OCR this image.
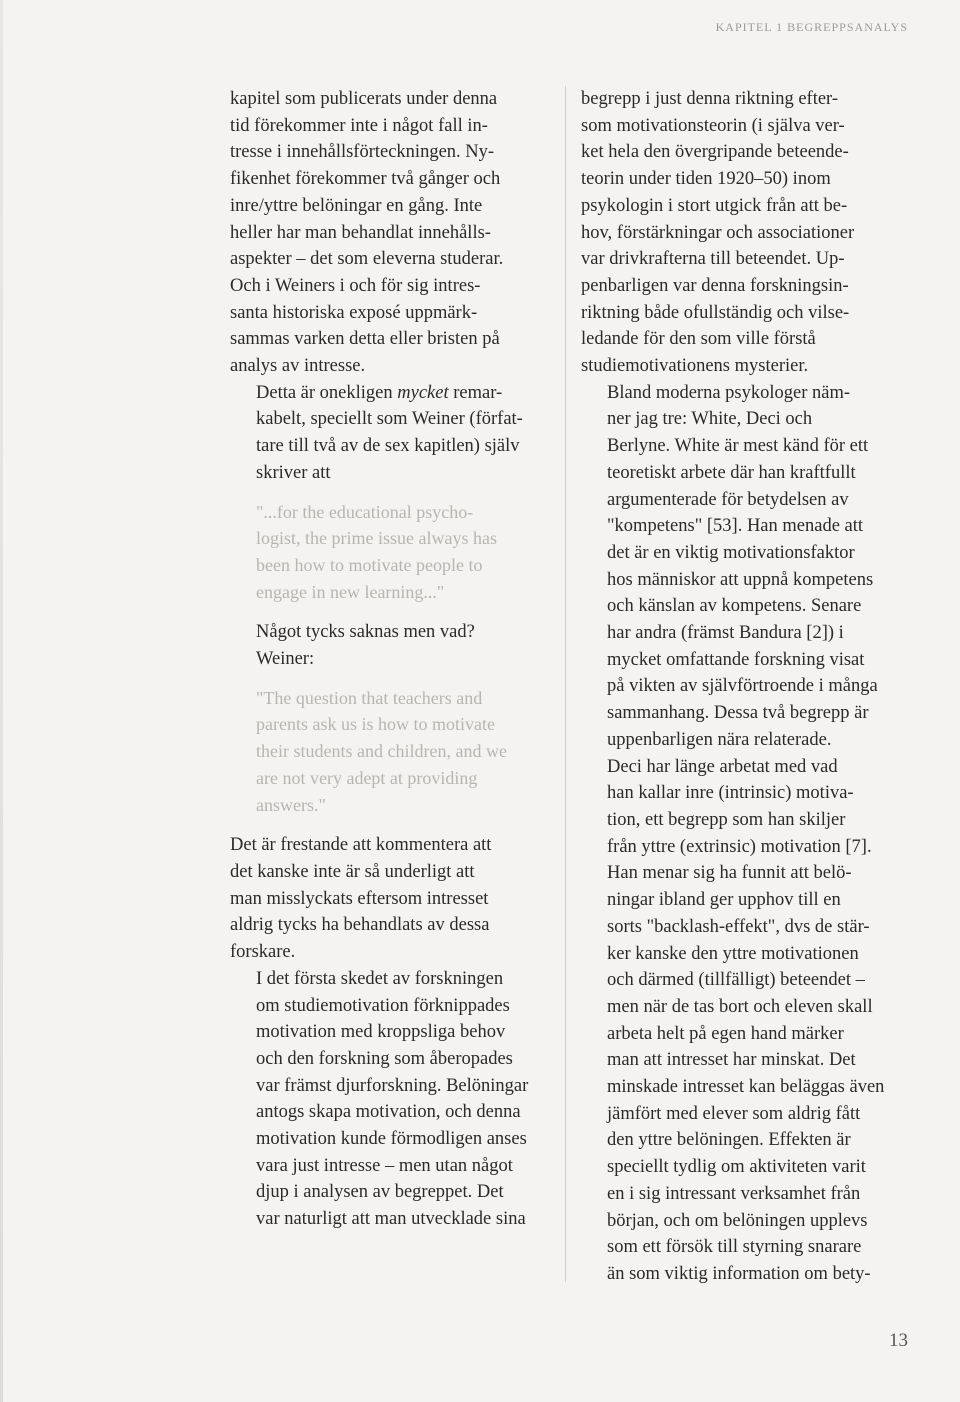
KAPITEL 1 BEGREPPSANALYS

kapitel som publicerats under denna
tid förekommer inte i något fall in-
tresse i innehållsförteckningen. Ny-
fikenhet förekommer två gånger och
inre/yttre belöningar en gång. Inte
heller har man behandlat innehålls-
aspekter – det som eleverna studerar.
Och i Weiners i och för sig intres-
santa historiska exposé uppmärk-
sammas varken detta eller bristen på
analys av intresse.

Detta är onekligen mycket remar-
kabelt, speciellt som Weiner (förfat-
tare till två av de sex kapitlen) själv
skriver att

"...for the educational psycho-
logist, the prime issue always has
been how to motivate people to
engage in new learning..."

Något tycks saknas men vad?
Weiner:

"The question that teachers and
parents ask us is how to motivate
their students and children, and we
are not very adept at providing
answers."

Det är frestande att kommentera att
det kanske inte är så underligt att
man misslyckats eftersom intresset
aldrig tycks ha behandlats av dessa
forskare.

I det första skedet av forskningen
om studiemotivation förknippades
motivation med kroppsliga behov
och den forskning som åberopades
var främst djurforskning. Belöningar
antogs skapa motivation, och denna
motivation kunde förmodligen anses
vara just intresse – men utan något
djup i analysen av begreppet. Det
var naturligt att man utvecklade sina

begrepp i just denna riktning efter-
som motivationsteorin (i själva ver-
ket hela den övergripande beteende-
teorin under tiden 1920–50) inom
psykologin i stort utgick från att be-
hov, förstärkningar och associationer
var drivkrafterna till beteendet. Up-
penbarligen var denna forskningsin-
riktning både ofullständig och vilse-
ledande för den som ville förstå
studiemotivationens mysterier.

Bland moderna psykologer näm-
ner jag tre: White, Deci och
Berlyne. White är mest känd för ett
teoretiskt arbete där han kraftfullt
argumenterade för betydelsen av
"kompetens" [53]. Han menade att
det är en viktig motivationsfaktor
hos människor att uppnå kompetens
och känslan av kompetens. Senare
har andra (främst Bandura [2]) i
mycket omfattande forskning visat
på vikten av självförtroende i många
sammanhang. Dessa två begrepp är
uppenbarligen nära relaterade.

Deci har länge arbetat med vad
han kallar inre (intrinsic) motiva-
tion, ett begrepp som han skiljer
från yttre (extrinsic) motivation [7].
Han menar sig ha funnit att belö-
ningar ibland ger upphov till en
sorts "backlash-effekt", dvs de stär-
ker kanske den yttre motivationen
och därmed (tillfälligt) beteendet –
men när de tas bort och eleven skall
arbeta helt på egen hand märker
man att intresset har minskat. Det
minskade intresset kan beläggas även
jämfört med elever som aldrig fått
den yttre belöningen. Effekten är
speciellt tydlig om aktiviteten varit
en i sig intressant verksamhet från
början, och om belöningen upplevs
som ett försök till styrning snarare
än som viktig information om bety-

13
